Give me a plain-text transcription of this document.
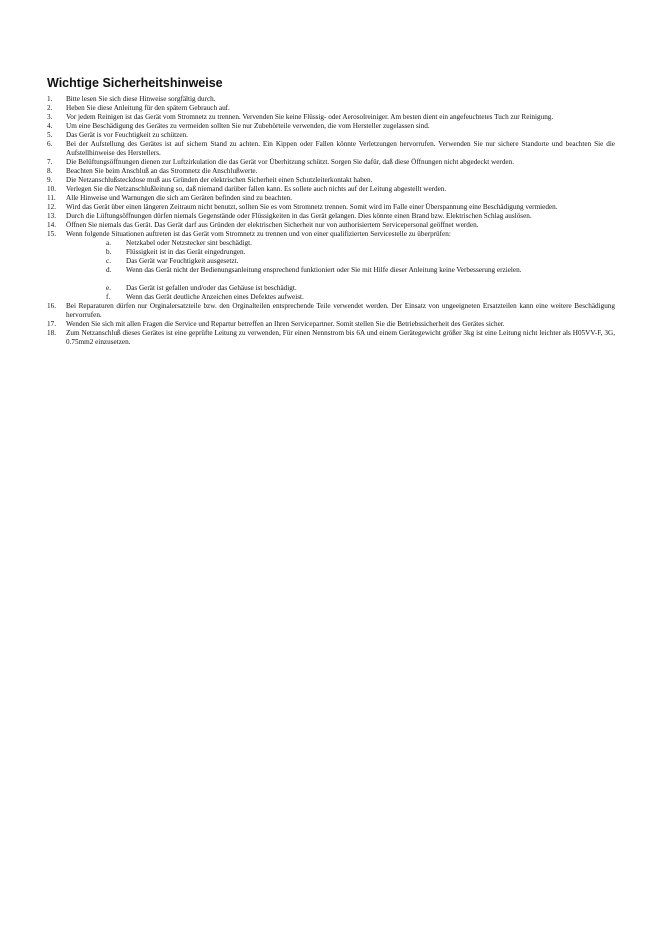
Wichtige Sicherheitshinweise
1.	Bitte lesen Sie sich diese Hinweise sorgfältig durch.
2.	Heben Sie diese Anleitung für den spätern Gebrauch auf.
3.	Vor jedem Reinigen ist das Gerät vom Stromnetz zu trennen. Vervenden Sie keine Flüssig- oder Aerosolreiniger. Am besten dient ein angefeuchtetes Tuch zur Reinigung.
4.	Um eine Beschädigung des Gerätes zu vermeiden sollten Sie nur Zubehörteile verwenden, die vom Hersteller zugelassen sind.
5.	Das Gerät is vor Feuchtigkeit zu schützen.
6.	Bei der Aufstellung des Gerätes ist auf sichern Stand zu achten. Ein Kippen oder Fallen könnte Verletzungen hervorrufen. Verwenden Sie nur sichere Standorte und beachten Sie die Aufstellhinweise des Herstellers.
7.	Die Belüftungsöffnungen dienen zur Luftzirkulation die das Gerät vor Überhitzung schützt. Sorgen Sie dafür, daß diese Öffnungen nicht abgedeckt werden.
8.	Beachten Sie beim Anschluß an das Stromnetz die Anschlußwerte.
9.	Die Netzanschlußsteckdose muß aus Gründen der elektrischen Sicherheit einen Schutzleiterkontakt haben.
10.	Verlegen Sie die Netzanschlußleitung so, daß niemand darüber fallen kann. Es sollete auch nichts auf der Leitung abgestellt werden.
11.	Alle Hinweise und Warnungen die sich am Geräten befinden sind zu beachten.
12.	Wird das Gerät über einen längeren Zeitraum nicht benutzt, sollten Sie es vom Stromnetz trennen. Somit wird im Falle einer Überspannung eine Beschädigung vermieden.
13.	Durch die Lüftungsöffnungen dürfen niemals Gegenstände oder Flüssigkeiten in das Gerät gelangen. Dies könnte einen Brand bzw. Elektrischen Schlag auslösen.
14.	Öffnen Sie niemals das Gerät. Das Gerät darf aus Gründen der elektrischen Sicherheit nur von authorisiertem Servicepersonal geöffnet werden.
15.	Wenn folgende Situationen auftreten ist das Gerät vom Stromnetz zu trennen und von einer qualifizierten Servicestelle zu überprüfen:
a.	Netzkabel oder Netzstecker sint beschädigt.
b.	Flüssigkeit ist in das Gerät eingedrungen.
c.	Das Gerät war Feuchtigkeit ausgesetzt.
d.	Wenn das Gerät nicht der Bedienungsanleitung ensprechend funktioniert oder Sie mit Hilfe dieser Anleitung keine Verbesserung erzielen.
e.	Das Gerät ist gefallen und/oder das Gehäuse ist beschädigt.
f.	Wenn das Gerät deutliche Anzeichen eines Defektes aufweist.
16.	Bei Reparaturen dürfen nur Orginalersatzteile bzw. den Orginalteilen entsprechende Teile verwendet werden. Der Einsatz von ungeeigneten Ersatzteilen kann eine weitere Beschädigung hervorrufen.
17.	Wenden Sie sich mit allen Fragen die Service und Repartur betreffen an Ihren Servicepartner. Somit stellen Sie die Betriebssicherheit des Gerätes sicher.
18.	Zum Netzanschluß dieses Gerätes ist eine geprüfte Leitung zu verwenden, Für einen Nennstrom bis 6A und einem Gerätegewicht größer 3kg ist eine Leitung nicht leichter als H05VV-F, 3G, 0.75mm2 einzusetzen.
